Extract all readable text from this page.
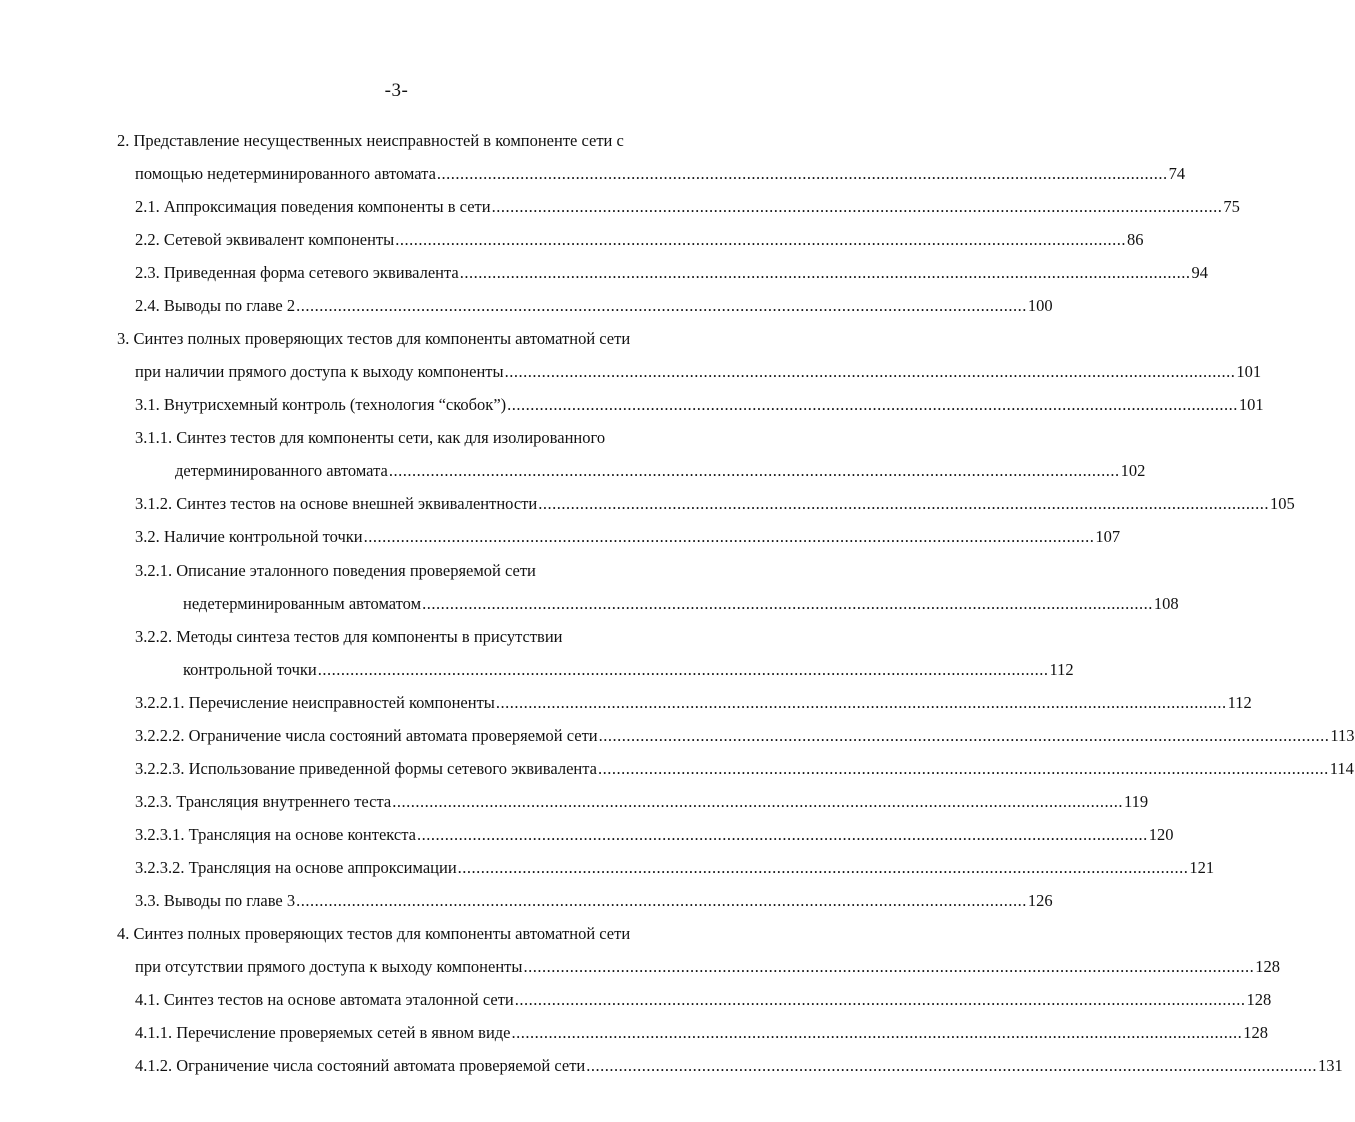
-3-
2. Представление несущественных неисправностей в компоненте сети с
помощью недетерминированного автомата .............................................................................................................................................................. 74
2.1. Аппроксимация поведения компоненты в сети .............................................................................................................................................................. 75
2.2. Сетевой эквивалент компоненты .............................................................................................................................................................. 86
2.3. Приведенная форма сетевого эквивалента .............................................................................................................................................................. 94
2.4. Выводы по главе 2 .............................................................................................................................................................. 100
3. Синтез полных проверяющих тестов для компоненты автоматной сети
при наличии прямого доступа к выходу компоненты .............................................................................................................................................................. 101
3.1. Внутрисхемный контроль (технология “скобок”) .............................................................................................................................................................. 101
3.1.1. Синтез тестов для компоненты сети, как для изолированного
детерминированного автомата .............................................................................................................................................................. 102
3.1.2. Синтез тестов на основе внешней эквивалентности .............................................................................................................................................................. 105
3.2. Наличие контрольной точки .............................................................................................................................................................. 107
3.2.1. Описание эталонного поведения проверяемой сети
недетерминированным автоматом .............................................................................................................................................................. 108
3.2.2. Методы синтеза тестов для компоненты в присутствии
контрольной точки .............................................................................................................................................................. 112
3.2.2.1. Перечисление неисправностей компоненты .............................................................................................................................................................. 112
3.2.2.2. Ограничение числа состояний автомата проверяемой сети .............................................................................................................................................................. 113
3.2.2.3. Использование приведенной формы сетевого эквивалента .............................................................................................................................................................. 114
3.2.3. Трансляция внутреннего теста .............................................................................................................................................................. 119
3.2.3.1. Трансляция на основе контекста .............................................................................................................................................................. 120
3.2.3.2. Трансляция на основе аппроксимации .............................................................................................................................................................. 121
3.3. Выводы по главе 3 .............................................................................................................................................................. 126
4. Синтез полных проверяющих тестов для компоненты автоматной сети
при отсутствии прямого доступа к выходу компоненты .............................................................................................................................................................. 128
4.1. Синтез тестов на основе автомата эталонной сети .............................................................................................................................................................. 128
4.1.1. Перечисление проверяемых сетей в явном виде .............................................................................................................................................................. 128
4.1.2. Ограничение числа состояний автомата проверяемой сети .............................................................................................................................................................. 131
